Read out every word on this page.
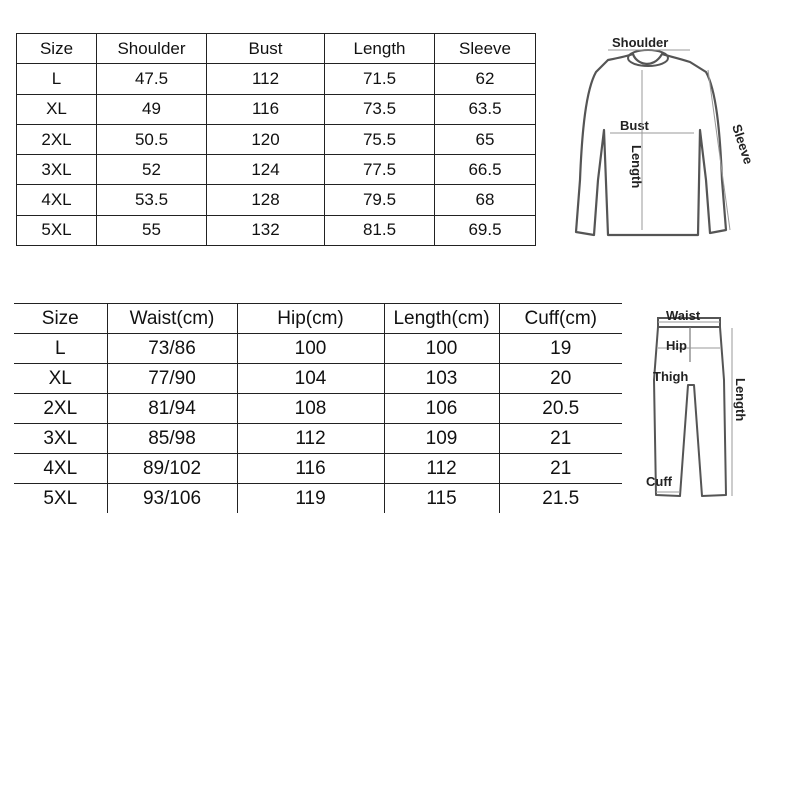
Size	Shoulder	Bust	Length	Sleeve
L	47.5	112	71.5	62
XL	49	116	73.5	63.5
2XL	50.5	120	75.5	65
3XL	52	124	77.5	66.5
4XL	53.5	128	79.5	68
5XL	55	132	81.5	69.5
Shoulder
Bust
Length
Sleeve
Size	Waist(cm)	Hip(cm)	Length(cm)	Cuff(cm)
L	73/86	100	100	19
XL	77/90	104	103	20
2XL	81/94	108	106	20.5
3XL	85/98	112	109	21
4XL	89/102	116	112	21
5XL	93/106	119	115	21.5
Waist
Hip
Thigh
Length
Cuff
